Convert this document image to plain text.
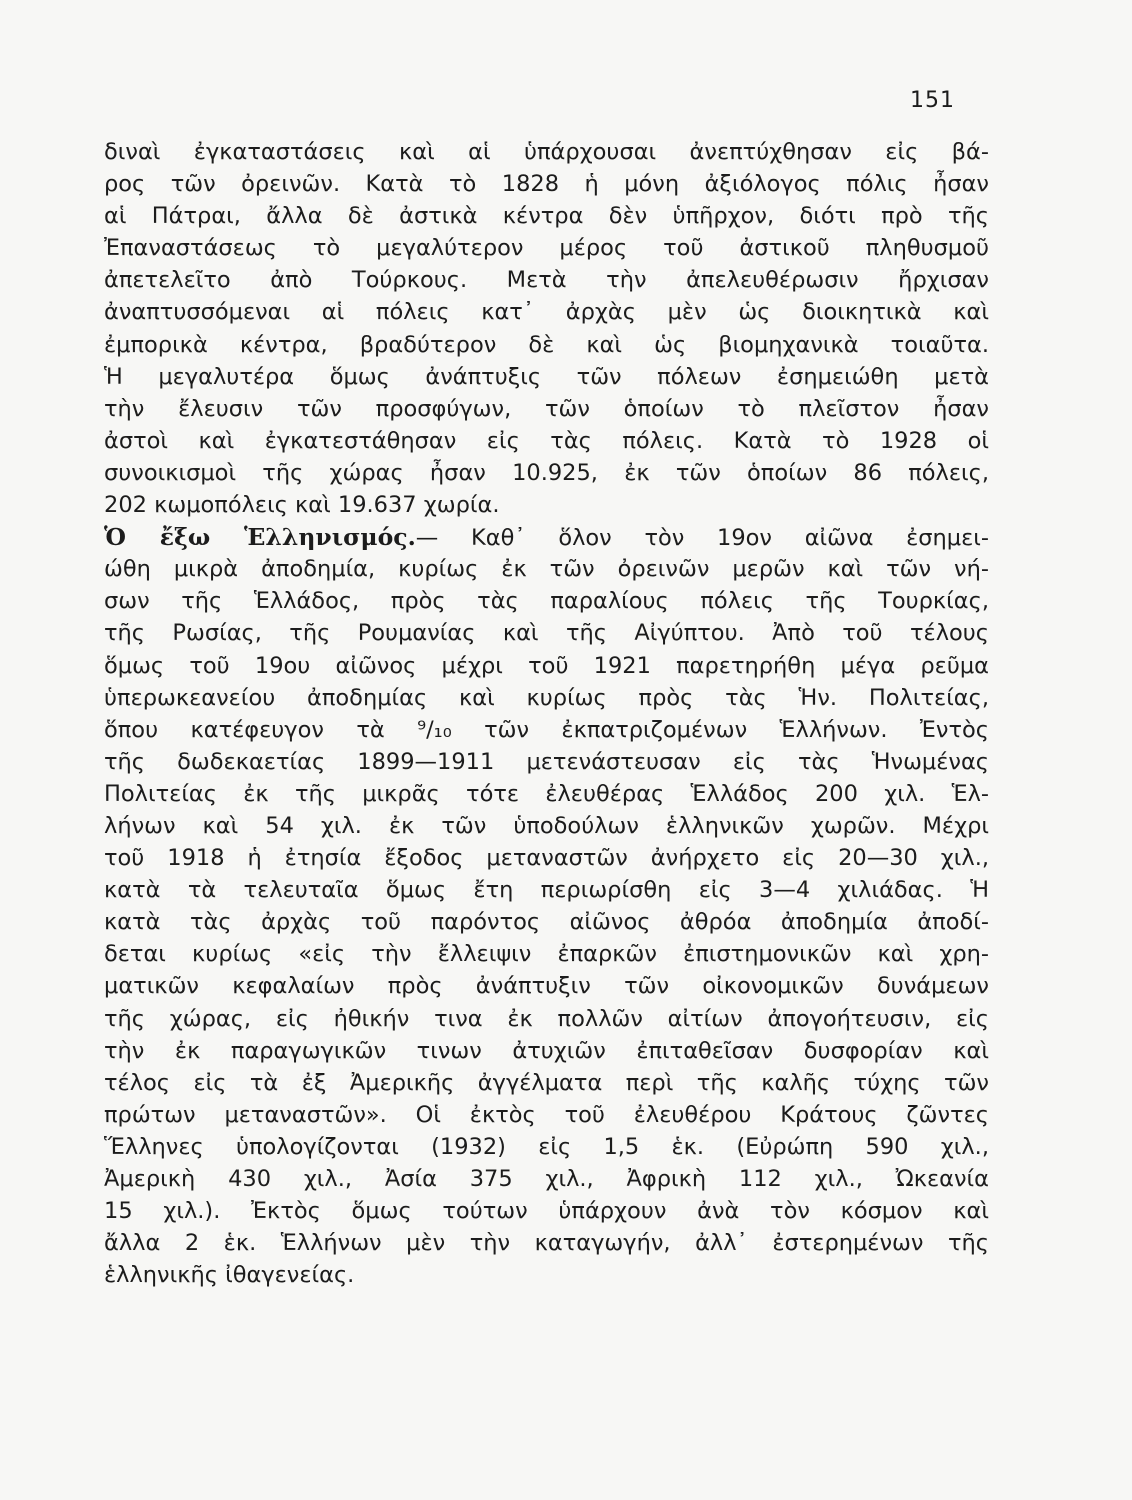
151
διναὶ ἐγκαταστάσεις καὶ αἱ ὑπάρχουσαι ἀνεπτύχθησαν εἰς βά-
ρος τῶν ὀρεινῶν. Κατὰ τὸ 1828 ἡ μόνη ἀξιόλογος πόλις ἦσαν
αἱ Πάτραι, ἄλλα δὲ ἀστικὰ κέντρα δὲν ὑπῆρχον, διότι πρὸ τῆς
Ἐπαναστάσεως τὸ μεγαλύτερον μέρος τοῦ ἀστικοῦ πληθυσμοῦ
ἀπετελεῖτο ἀπὸ Τούρκους. Μετὰ τὴν ἀπελευθέρωσιν ἤρχισαν
ἀναπτυσσόμεναι αἱ πόλεις κατ᾽ ἀρχὰς μὲν ὡς διοικητικὰ καὶ
ἐμπορικὰ κέντρα, βραδύτερον δὲ καὶ ὡς βιομηχανικὰ τοιαῦτα.
Ἡ μεγαλυτέρα ὅμως ἀνάπτυξις τῶν πόλεων ἐσημειώθη μετὰ
τὴν ἔλευσιν τῶν προσφύγων, τῶν ὁποίων τὸ πλεῖστον ἦσαν
ἀστοὶ καὶ ἐγκατεστάθησαν εἰς τὰς πόλεις. Κατὰ τὸ 1928 οἱ
συνοικισμοὶ τῆς χώρας ἦσαν 10.925, ἐκ τῶν ὁποίων 86 πόλεις,
202 κωμοπόλεις καὶ 19.637 χωρία.
Ὁ ἔξω Ἑλληνισμός.— Καθ᾽ ὅλον τὸν 19ον αἰῶνα ἐσημει-
ώθη μικρὰ ἀποδημία, κυρίως ἐκ τῶν ὀρεινῶν μερῶν καὶ τῶν νή-
σων τῆς Ἑλλάδος, πρὸς τὰς παραλίους πόλεις τῆς Τουρκίας,
τῆς Ρωσίας, τῆς Ρουμανίας καὶ τῆς Αἰγύπτου. Ἀπὸ τοῦ τέλους
ὅμως τοῦ 19ου αἰῶνος μέχρι τοῦ 1921 παρετηρήθη μέγα ρεῦμα
ὑπερωκεανείου ἀποδημίας καὶ κυρίως πρὸς τὰς Ἡν. Πολιτείας,
ὅπου κατέφευγον τὰ ⁹/₁₀ τῶν ἐκπατριζομένων Ἑλλήνων. Ἐντὸς
τῆς δωδεκαετίας 1899—1911 μετενάστευσαν εἰς τὰς Ἡνωμένας
Πολιτείας ἐκ τῆς μικρᾶς τότε ἐλευθέρας Ἑλλάδος 200 χιλ. Ἑλ-
λήνων καὶ 54 χιλ. ἐκ τῶν ὑποδούλων ἑλληνικῶν χωρῶν. Μέχρι
τοῦ 1918 ἡ ἐτησία ἔξοδος μεταναστῶν ἀνήρχετο εἰς 20—30 χιλ.,
κατὰ τὰ τελευταῖα ὅμως ἔτη περιωρίσθη εἰς 3—4 χιλιάδας. Ἡ
κατὰ τὰς ἀρχὰς τοῦ παρόντος αἰῶνος ἀθρόα ἀποδημία ἀποδί-
δεται κυρίως «εἰς τὴν ἔλλειψιν ἐπαρκῶν ἐπιστημονικῶν καὶ χρη-
ματικῶν κεφαλαίων πρὸς ἀνάπτυξιν τῶν οἰκονομικῶν δυνάμεων
τῆς χώρας, εἰς ἠθικήν τινα ἐκ πολλῶν αἰτίων ἀπογοήτευσιν, εἰς
τὴν ἐκ παραγωγικῶν τινων ἀτυχιῶν ἐπιταθεῖσαν δυσφορίαν καὶ
τέλος εἰς τὰ ἐξ Ἀμερικῆς ἀγγέλματα περὶ τῆς καλῆς τύχης τῶν
πρώτων μεταναστῶν». Οἱ ἐκτὸς τοῦ ἐλευθέρου Κράτους ζῶντες
Ἕλληνες ὑπολογίζονται (1932) εἰς 1,5 ἑκ. (Εὐρώπη 590 χιλ.,
Ἀμερικὴ 430 χιλ., Ἀσία 375 χιλ., Ἀφρικὴ 112 χιλ., Ὠκεανία
15 χιλ.). Ἐκτὸς ὅμως τούτων ὑπάρχουν ἀνὰ τὸν κόσμον καὶ
ἄλλα 2 ἑκ. Ἑλλήνων μὲν τὴν καταγωγήν, ἀλλ᾽ ἐστερημένων τῆς
ἑλληνικῆς ἰθαγενείας.
